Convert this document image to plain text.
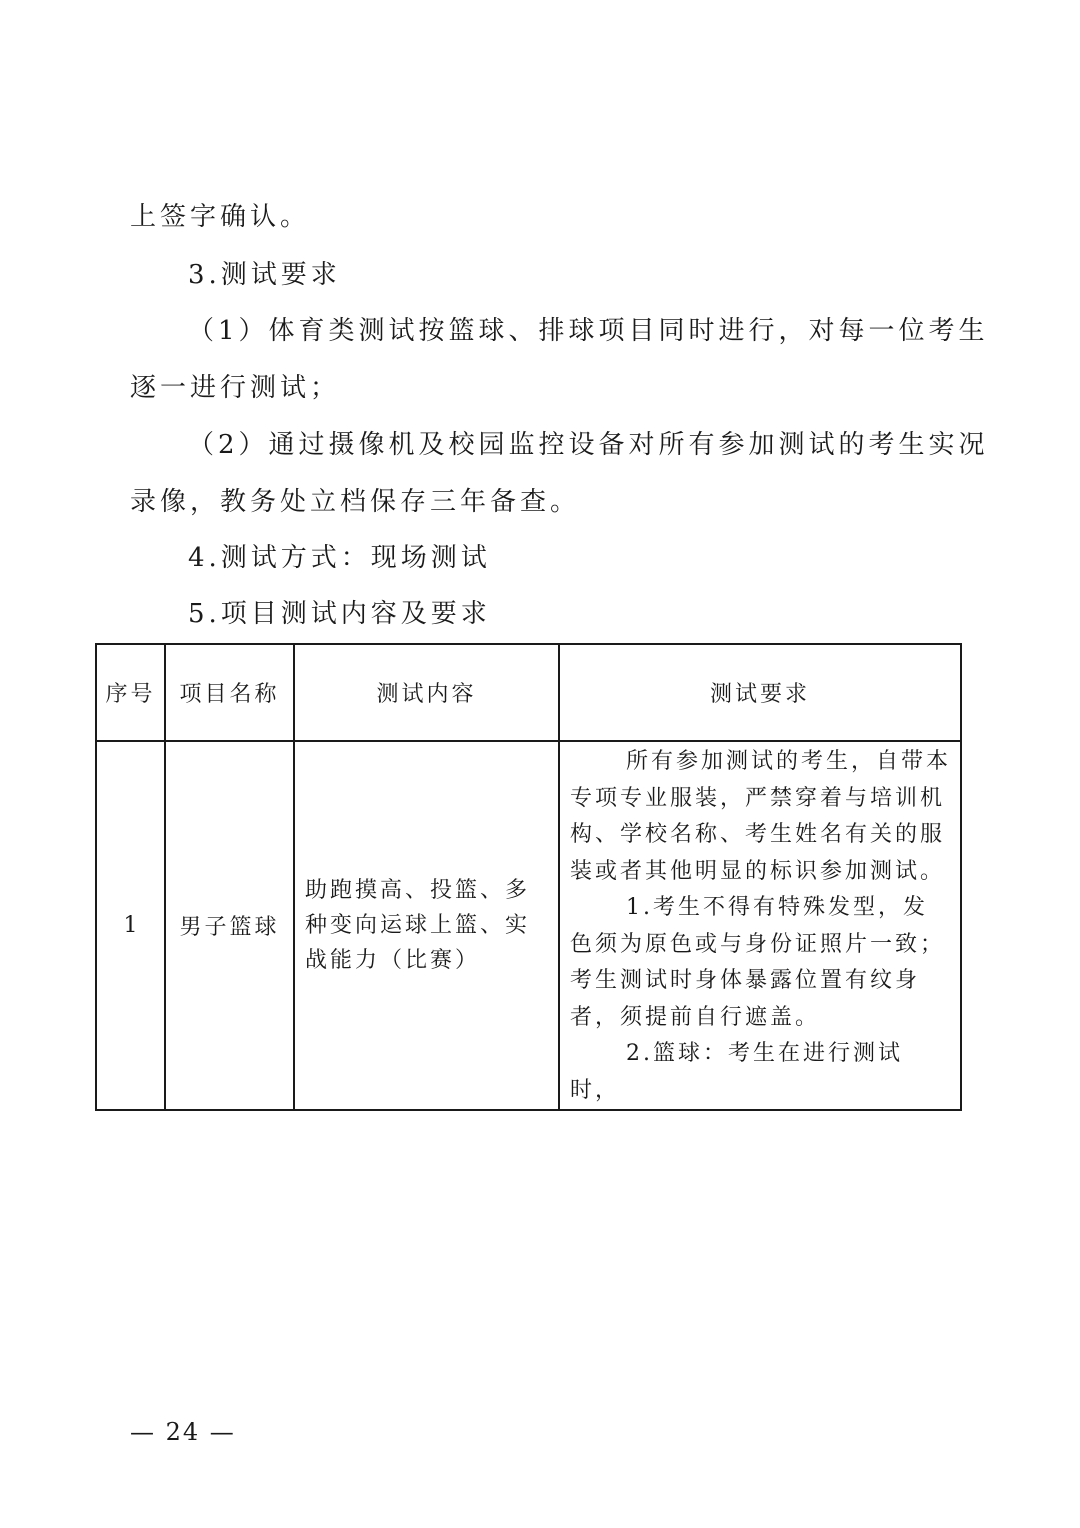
上签字确认。
3.测试要求
（1）体育类测试按篮球、排球项目同时进行，对每一位考生
逐一进行测试；
（2）通过摄像机及校园监控设备对所有参加测试的考生实况
录像，教务处立档保存三年备查。
4.测试方式：现场测试
5.项目测试内容及要求
序号	项目名称	测试内容	测试要求
1	男子篮球	助跑摸高、投篮、多种变向运球上篮、实战能力（比赛）	所有参加测试的考生，自带本专项专业服装，严禁穿着与培训机构、学校名称、考生姓名有关的服装或者其他明显的标识参加测试。

1.考生不得有特殊发型，发色须为原色或与身份证照片一致；考生测试时身体暴露位置有纹身者，须提前自行遮盖。

2.篮球：考生在进行测试时，

— 24 —
